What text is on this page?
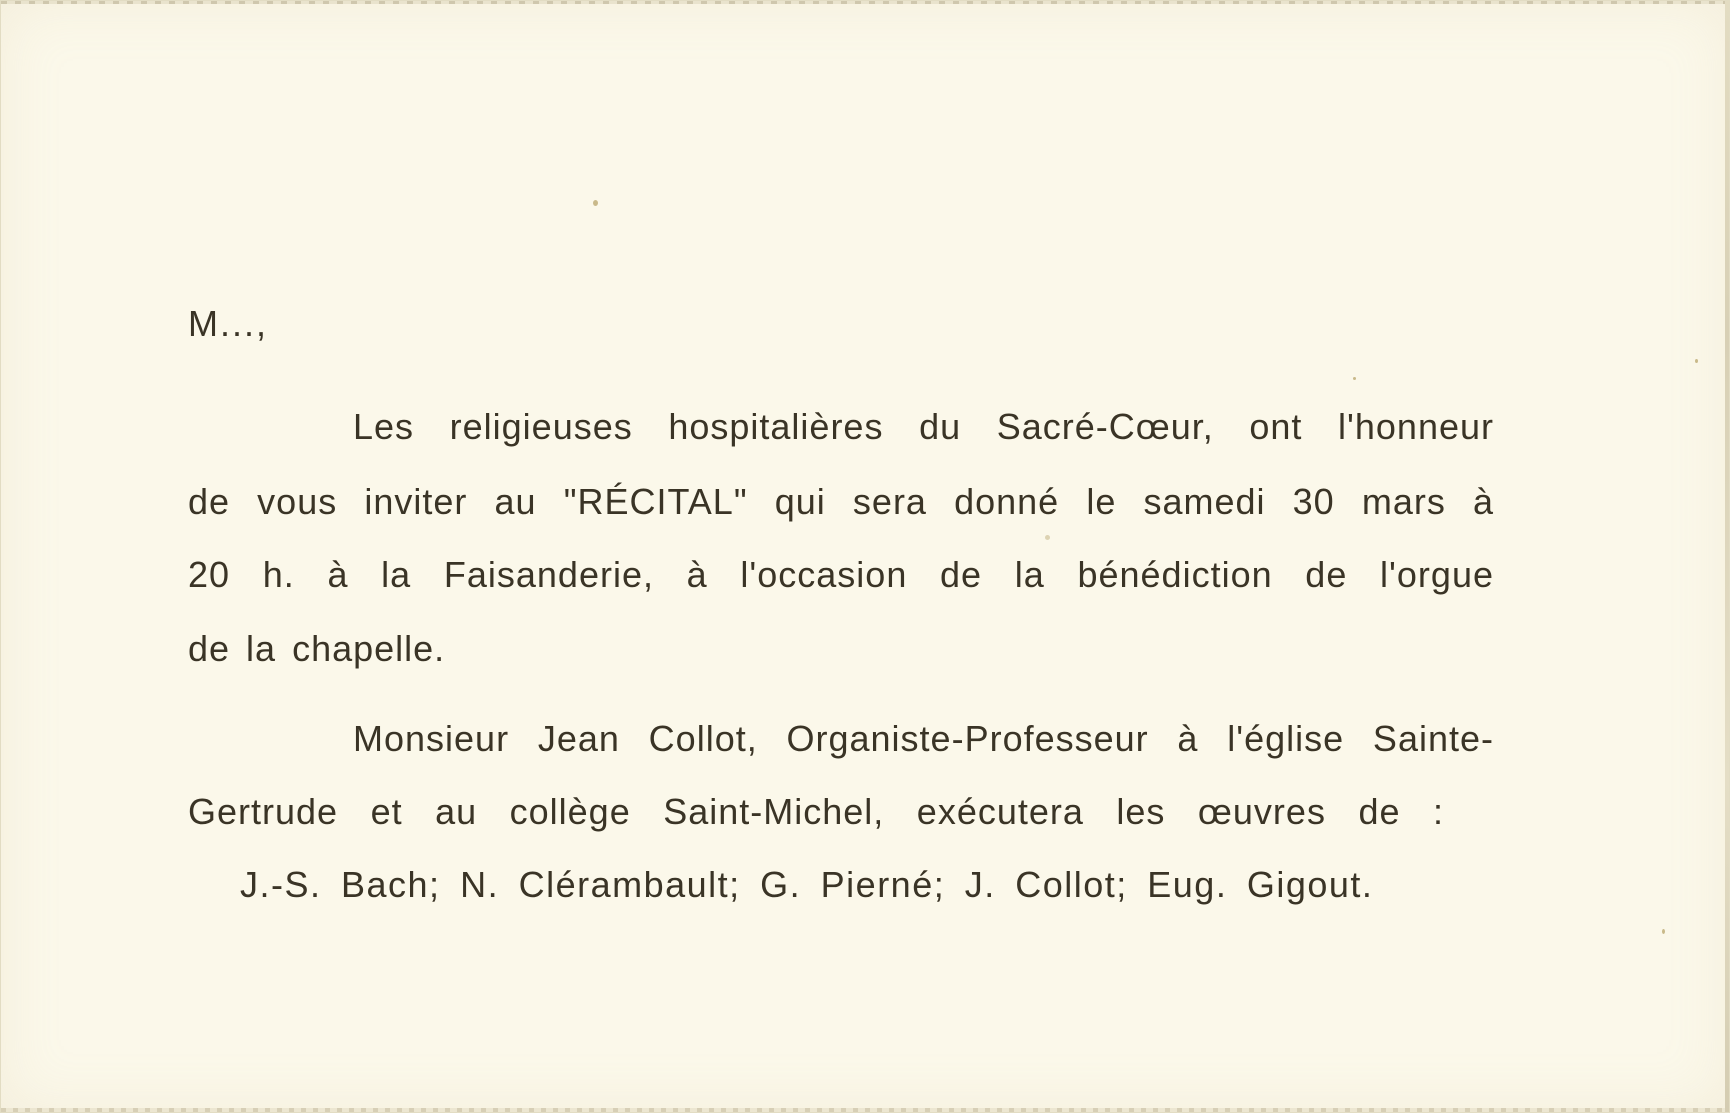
M...,
Les religieuses hospitalières du Sacré-Cœur, ont l'honneur
de vous inviter au "RÉCITAL" qui sera donné le samedi 30 mars à
20 h. à la Faisanderie, à l'occasion de la bénédiction de l'orgue
de la chapelle.
Monsieur Jean Collot, Organiste-Professeur à l'église Sainte-
Gertrude et au collège Saint-Michel, exécutera les œuvres de :
J.-S. Bach; N. Clérambault; G. Pierné; J. Collot; Eug. Gigout.
